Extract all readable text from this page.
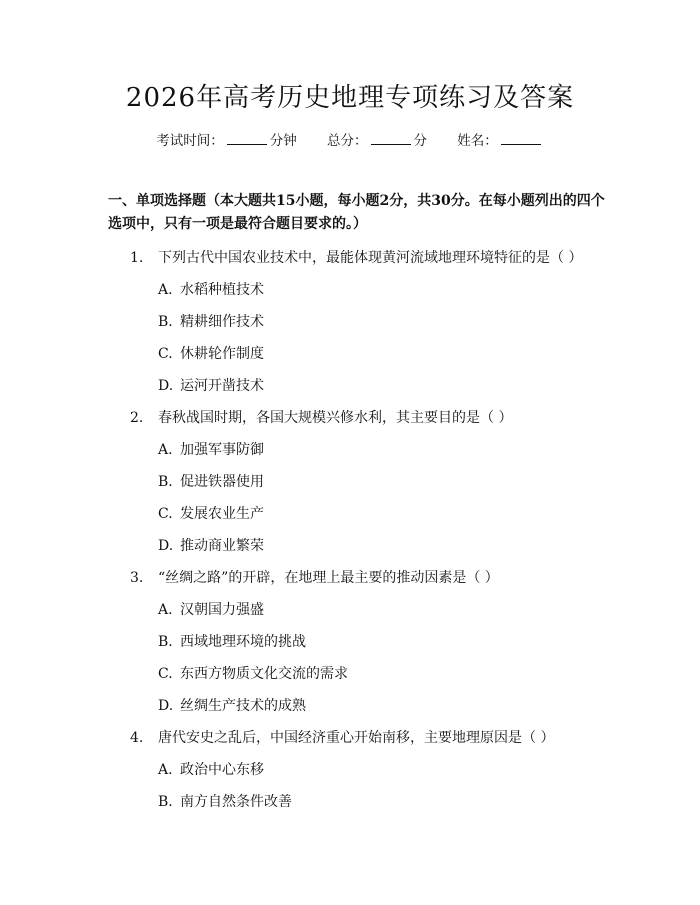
2026年高考历史地理专项练习及答案
考试时间：	分钟 总分：	分 姓名：
一、单项选择题（本大题共15小题，每小题2分，共30分。在每小题列出的四个选项中，只有一项是最符合题目要求的。）
1. 下列古代中国农业技术中，最能体现黄河流域地理环境特征的是（ ）
A. 水稻种植技术
B. 精耕细作技术
C. 休耕轮作制度
D. 运河开凿技术
2. 春秋战国时期，各国大规模兴修水利，其主要目的是（ ）
A. 加强军事防御
B. 促进铁器使用
C. 发展农业生产
D. 推动商业繁荣
3. “丝绸之路”的开辟，在地理上最主要的推动因素是（ ）
A. 汉朝国力强盛
B. 西域地理环境的挑战
C. 东西方物质文化交流的需求
D. 丝绸生产技术的成熟
4. 唐代安史之乱后，中国经济重心开始南移，主要地理原因是（ ）
A. 政治中心东移
B. 南方自然条件改善
